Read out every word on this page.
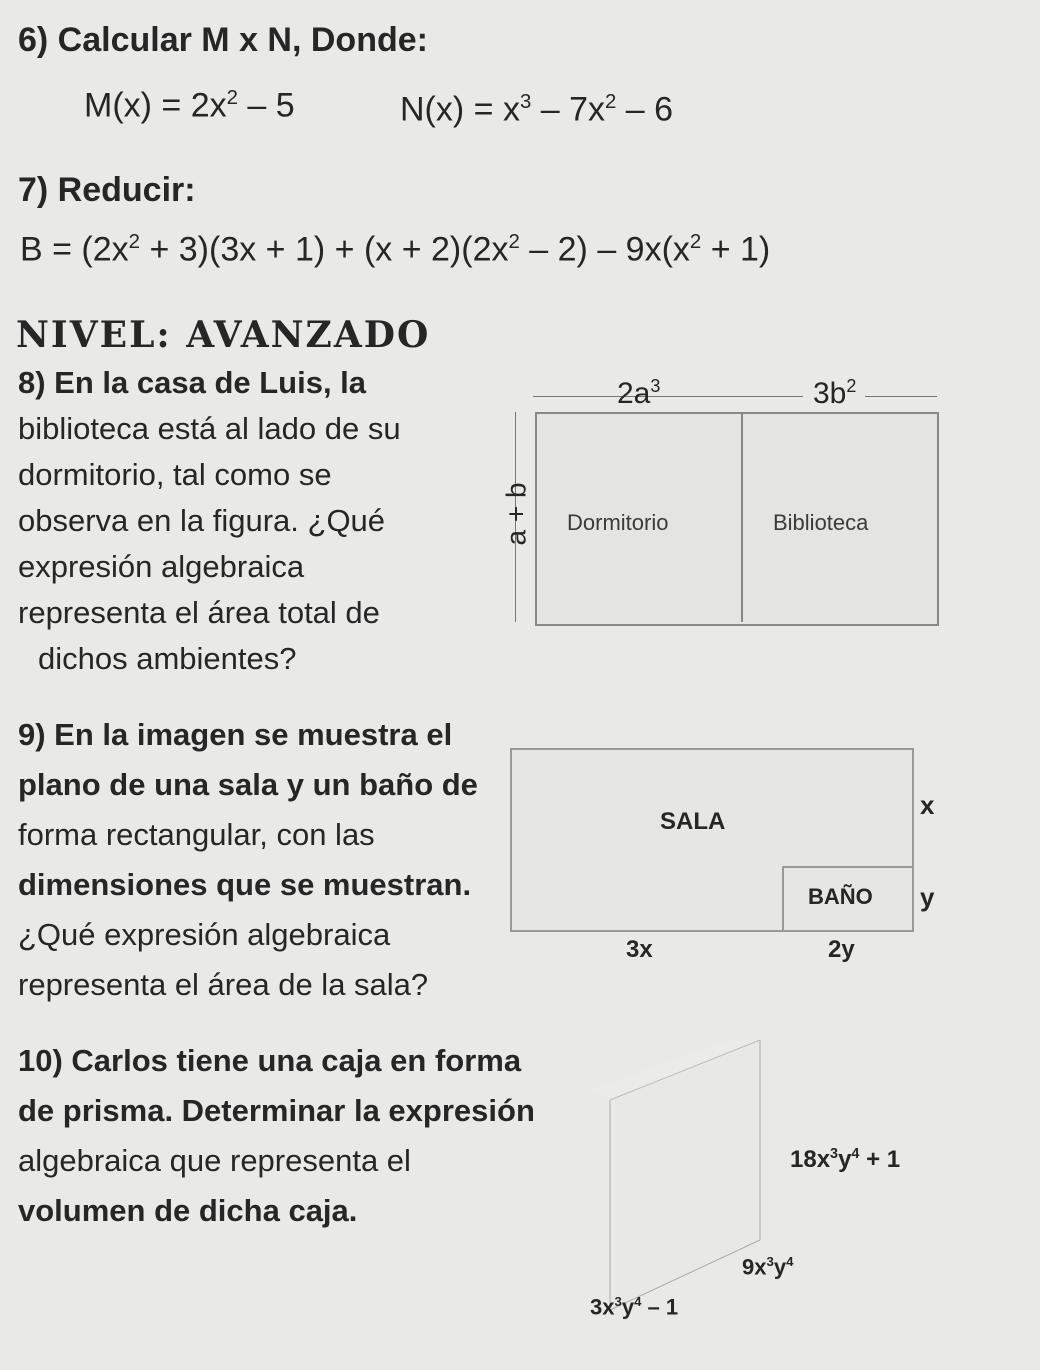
6) Calcular M x N, Donde:
$M(x) = 2x^2 - 5$	$N(x) = x^3 - 7x^2 - 6$
7) Reducir:
$B = (2x^2 + 3)(3x + 1) + (x + 2)(2x^2 - 2) - 9x(x^2 + 1)$
NIVEL: AVANZADO
8) En la casa de Luis, la
biblioteca está al lado de su
dormitorio, tal como se
observa en la figura. ¿Qué
expresión algebraica
representa el área total de
dichos ambientes?
$2a^3$	$3b^2$
a + b Dormitorio	Biblioteca
9) En la imagen se muestra el
plano de una sala y un baño de
forma rectangular, con las
dimensiones que se muestran.
¿Qué expresión algebraica
representa el área de la sala?
SALA
BAÑO
x
y
3x	2y
10) Carlos tiene una caja en forma
de prisma. Determinar la expresión
algebraica que representa el
volumen de dicha caja.
$18x^3y^4 + 1$
$9x^3y^4$
$3x^3y^4 - 1$
